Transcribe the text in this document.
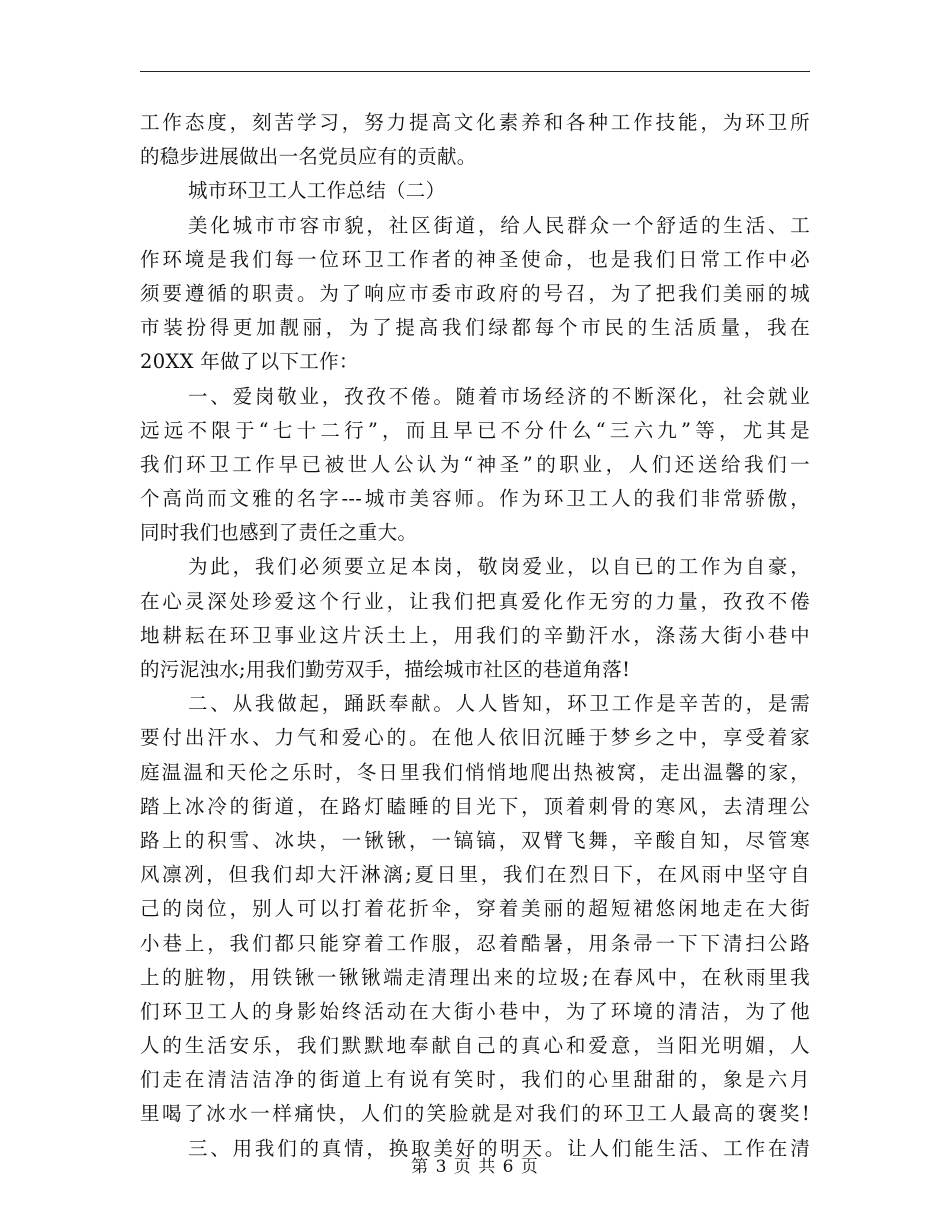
工作态度，刻苦学习，努力提高文化素养和各种工作技能，为环卫所
的稳步进展做出一名党员应有的贡献。
城市环卫工人工作总结（二）
美化城市市容市貌，社区街道，给人民群众一个舒适的生活、工
作环境是我们每一位环卫工作者的神圣使命，也是我们日常工作中必
须要遵循的职责。为了响应市委市政府的号召，为了把我们美丽的城
市装扮得更加靓丽，为了提高我们绿都每个市民的生活质量，我在
20XX 年做了以下工作：
一、爱岗敬业，孜孜不倦。随着市场经济的不断深化，社会就业
远远不限于“七十二行”，而且早已不分什么“三六九”等，尤其是
我们环卫工作早已被世人公认为“神圣”的职业，人们还送给我们一
个高尚而文雅的名字---城市美容师。作为环卫工人的我们非常骄傲，
同时我们也感到了责任之重大。
为此，我们必须要立足本岗，敬岗爱业，以自已的工作为自豪，
在心灵深处珍爱这个行业，让我们把真爱化作无穷的力量，孜孜不倦
地耕耘在环卫事业这片沃土上，用我们的辛勤汗水，涤荡大街小巷中
的污泥浊水;用我们勤劳双手，描绘城市社区的巷道角落!
二、从我做起，踊跃奉献。人人皆知，环卫工作是辛苦的，是需
要付出汗水、力气和爱心的。在他人依旧沉睡于梦乡之中，享受着家
庭温温和天伦之乐时，冬日里我们悄悄地爬出热被窝，走出温馨的家，
踏上冰冷的街道，在路灯瞌睡的目光下，顶着刺骨的寒风，去清理公
路上的积雪、冰块，一锹锹，一镐镐，双臂飞舞，辛酸自知，尽管寒
风凛冽，但我们却大汗淋漓;夏日里，我们在烈日下，在风雨中坚守自
己的岗位，别人可以打着花折伞，穿着美丽的超短裙悠闲地走在大街
小巷上，我们都只能穿着工作服，忍着酷暑，用条帚一下下清扫公路
上的脏物，用铁锹一锹锹端走清理出来的垃圾;在春风中，在秋雨里我
们环卫工人的身影始终活动在大街小巷中，为了环境的清洁，为了他
人的生活安乐，我们默默地奉献自己的真心和爱意，当阳光明媚，人
们走在清洁洁净的街道上有说有笑时，我们的心里甜甜的，象是六月
里喝了冰水一样痛快，人们的笑脸就是对我们的环卫工人最高的褒奖!
三、用我们的真情，换取美好的明天。让人们能生活、工作在清
第 3 页 共 6 页
